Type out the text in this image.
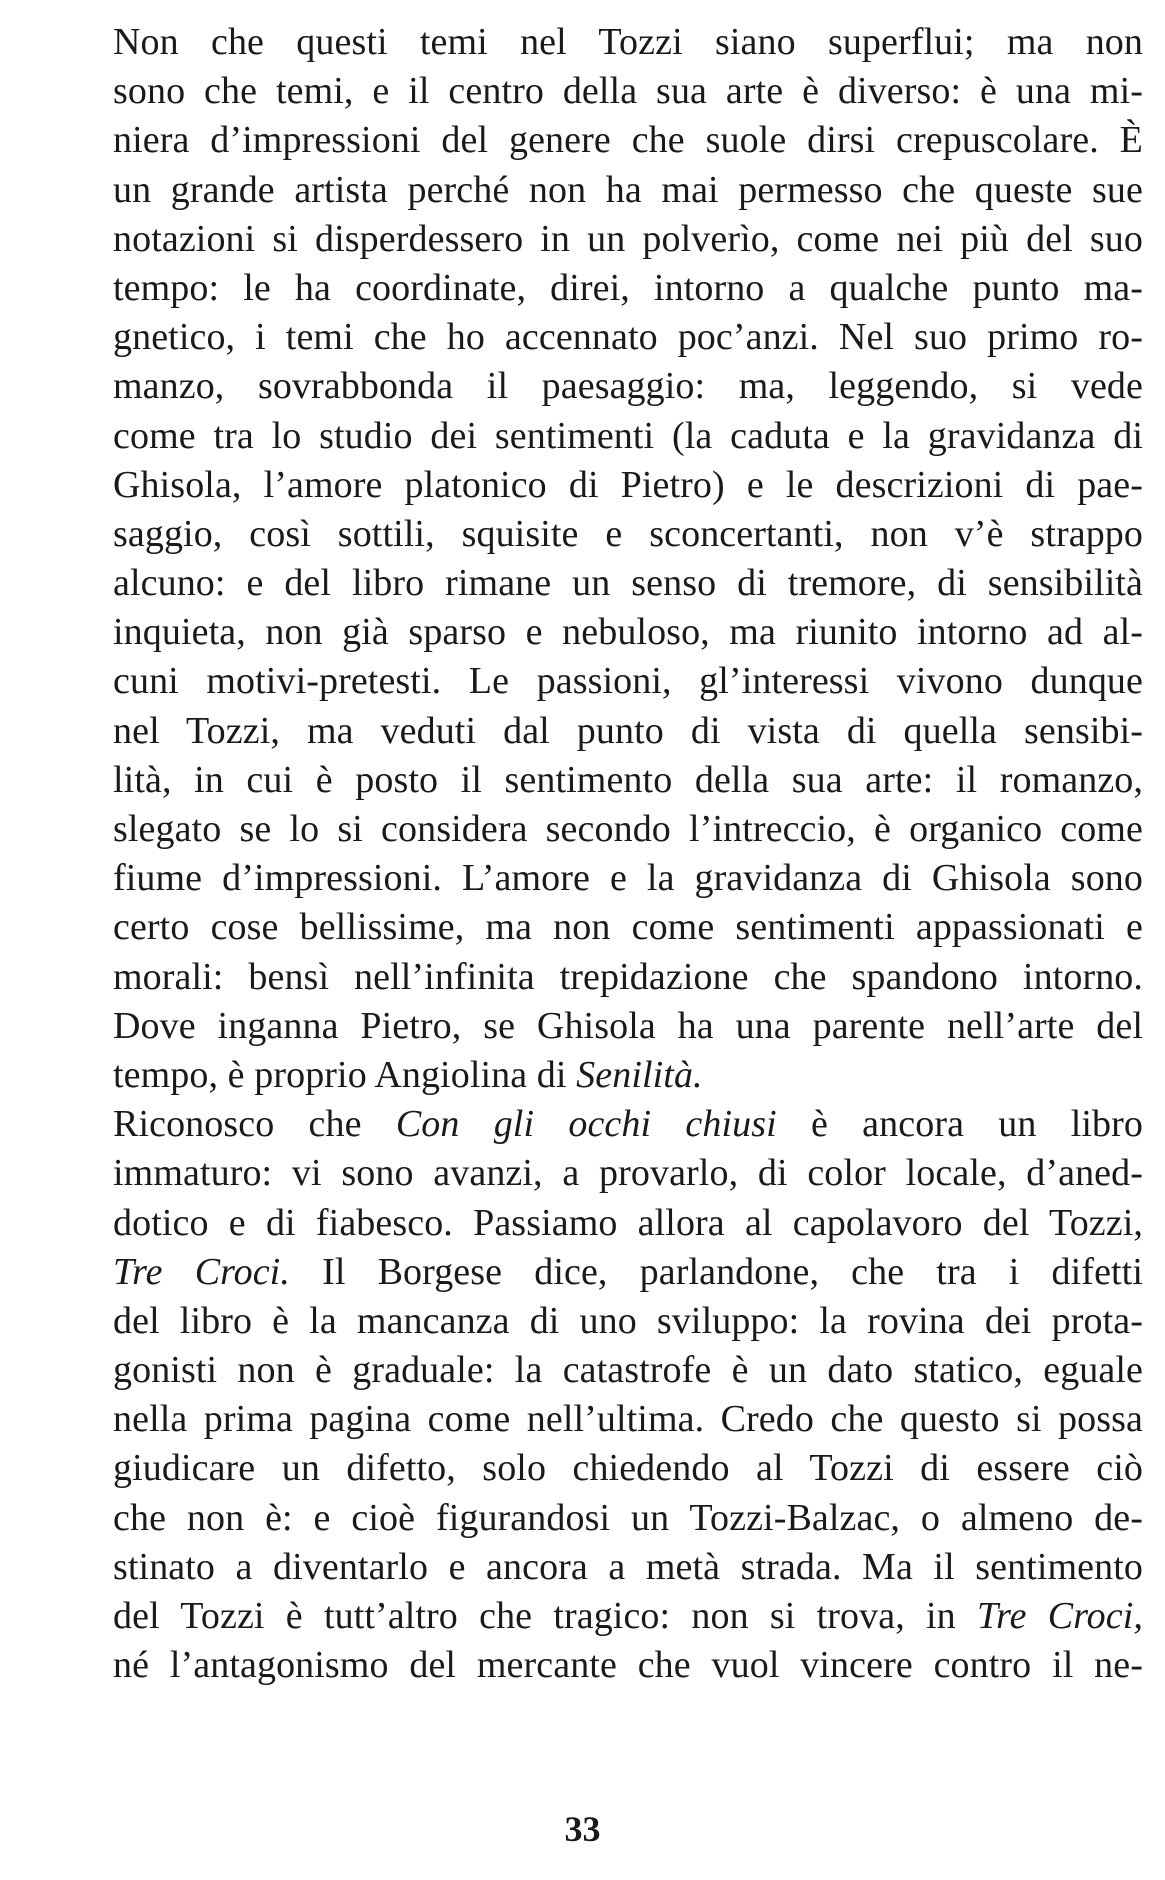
Non che questi temi nel Tozzi siano superflui; ma non
sono che temi, e il centro della sua arte è diverso: è una mi-
niera d’impressioni del genere che suole dirsi crepuscolare. È
un grande artista perché non ha mai permesso che queste sue
notazioni si disperdessero in un polverìo, come nei più del suo
tempo: le ha coordinate, direi, intorno a qualche punto ma-
gnetico, i temi che ho accennato poc’anzi. Nel suo primo ro-
manzo, sovrabbonda il paesaggio: ma, leggendo, si vede
come tra lo studio dei sentimenti (la caduta e la gravidanza di
Ghisola, l’amore platonico di Pietro) e le descrizioni di pae-
saggio, così sottili, squisite e sconcertanti, non v’è strappo
alcuno: e del libro rimane un senso di tremore, di sensibilità
inquieta, non già sparso e nebuloso, ma riunito intorno ad al-
cuni motivi-pretesti. Le passioni, gl’interessi vivono dunque
nel Tozzi, ma veduti dal punto di vista di quella sensibi-
lità, in cui è posto il sentimento della sua arte: il romanzo,
slegato se lo si considera secondo l’intreccio, è organico come
fiume d’impressioni. L’amore e la gravidanza di Ghisola sono
certo cose bellissime, ma non come sentimenti appassionati e
morali: bensì nell’infinita trepidazione che spandono intorno.
Dove inganna Pietro, se Ghisola ha una parente nell’arte del
tempo, è proprio Angiolina di Senilità.
Riconosco che Con gli occhi chiusi è ancora un libro
immaturo: vi sono avanzi, a provarlo, di color locale, d’aned-
dotico e di fiabesco. Passiamo allora al capolavoro del Tozzi,
Tre Croci. Il Borgese dice, parlandone, che tra i difetti
del libro è la mancanza di uno sviluppo: la rovina dei prota-
gonisti non è graduale: la catastrofe è un dato statico, eguale
nella prima pagina come nell’ultima. Credo che questo si possa
giudicare un difetto, solo chiedendo al Tozzi di essere ciò
che non è: e cioè figurandosi un Tozzi-Balzac, o almeno de-
stinato a diventarlo e ancora a metà strada. Ma il sentimento
del Tozzi è tutt’altro che tragico: non si trova, in Tre Croci,
né l’antagonismo del mercante che vuol vincere contro il ne-
33
